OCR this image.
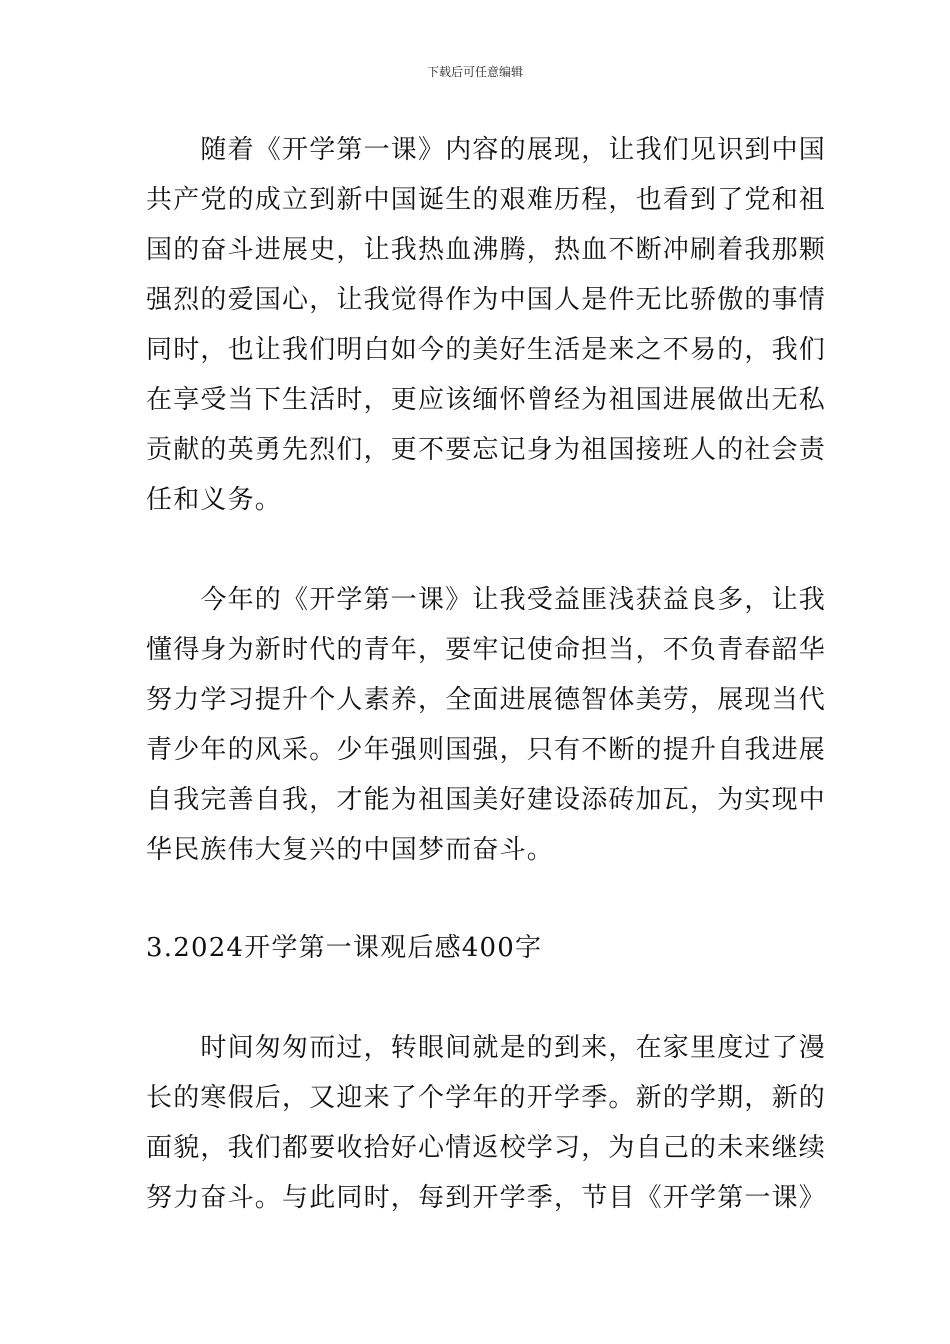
下载后可任意编辑
　　随着《开学第一课》内容的展现，让我们见识到中国
共产党的成立到新中国诞生的艰难历程，也看到了党和祖
国的奋斗进展史，让我热血沸腾，热血不断冲刷着我那颗
强烈的爱国心，让我觉得作为中国人是件无比骄傲的事情
同时，也让我们明白如今的美好生活是来之不易的，我们
在享受当下生活时，更应该缅怀曾经为祖国进展做出无私
贡献的英勇先烈们，更不要忘记身为祖国接班人的社会责
任和义务。
　　今年的《开学第一课》让我受益匪浅获益良多，让我
懂得身为新时代的青年，要牢记使命担当，不负青春韶华
努力学习提升个人素养，全面进展德智体美劳，展现当代
青少年的风采。少年强则国强，只有不断的提升自我进展
自我完善自我，才能为祖国美好建设添砖加瓦，为实现中
华民族伟大复兴的中国梦而奋斗。
3.2024开学第一课观后感400字
　　时间匆匆而过，转眼间就是的到来，在家里度过了漫
长的寒假后，又迎来了个学年的开学季。新的学期，新的
面貌，我们都要收拾好心情返校学习，为自己的未来继续
努力奋斗。与此同时，每到开学季，节目《开学第一课》
